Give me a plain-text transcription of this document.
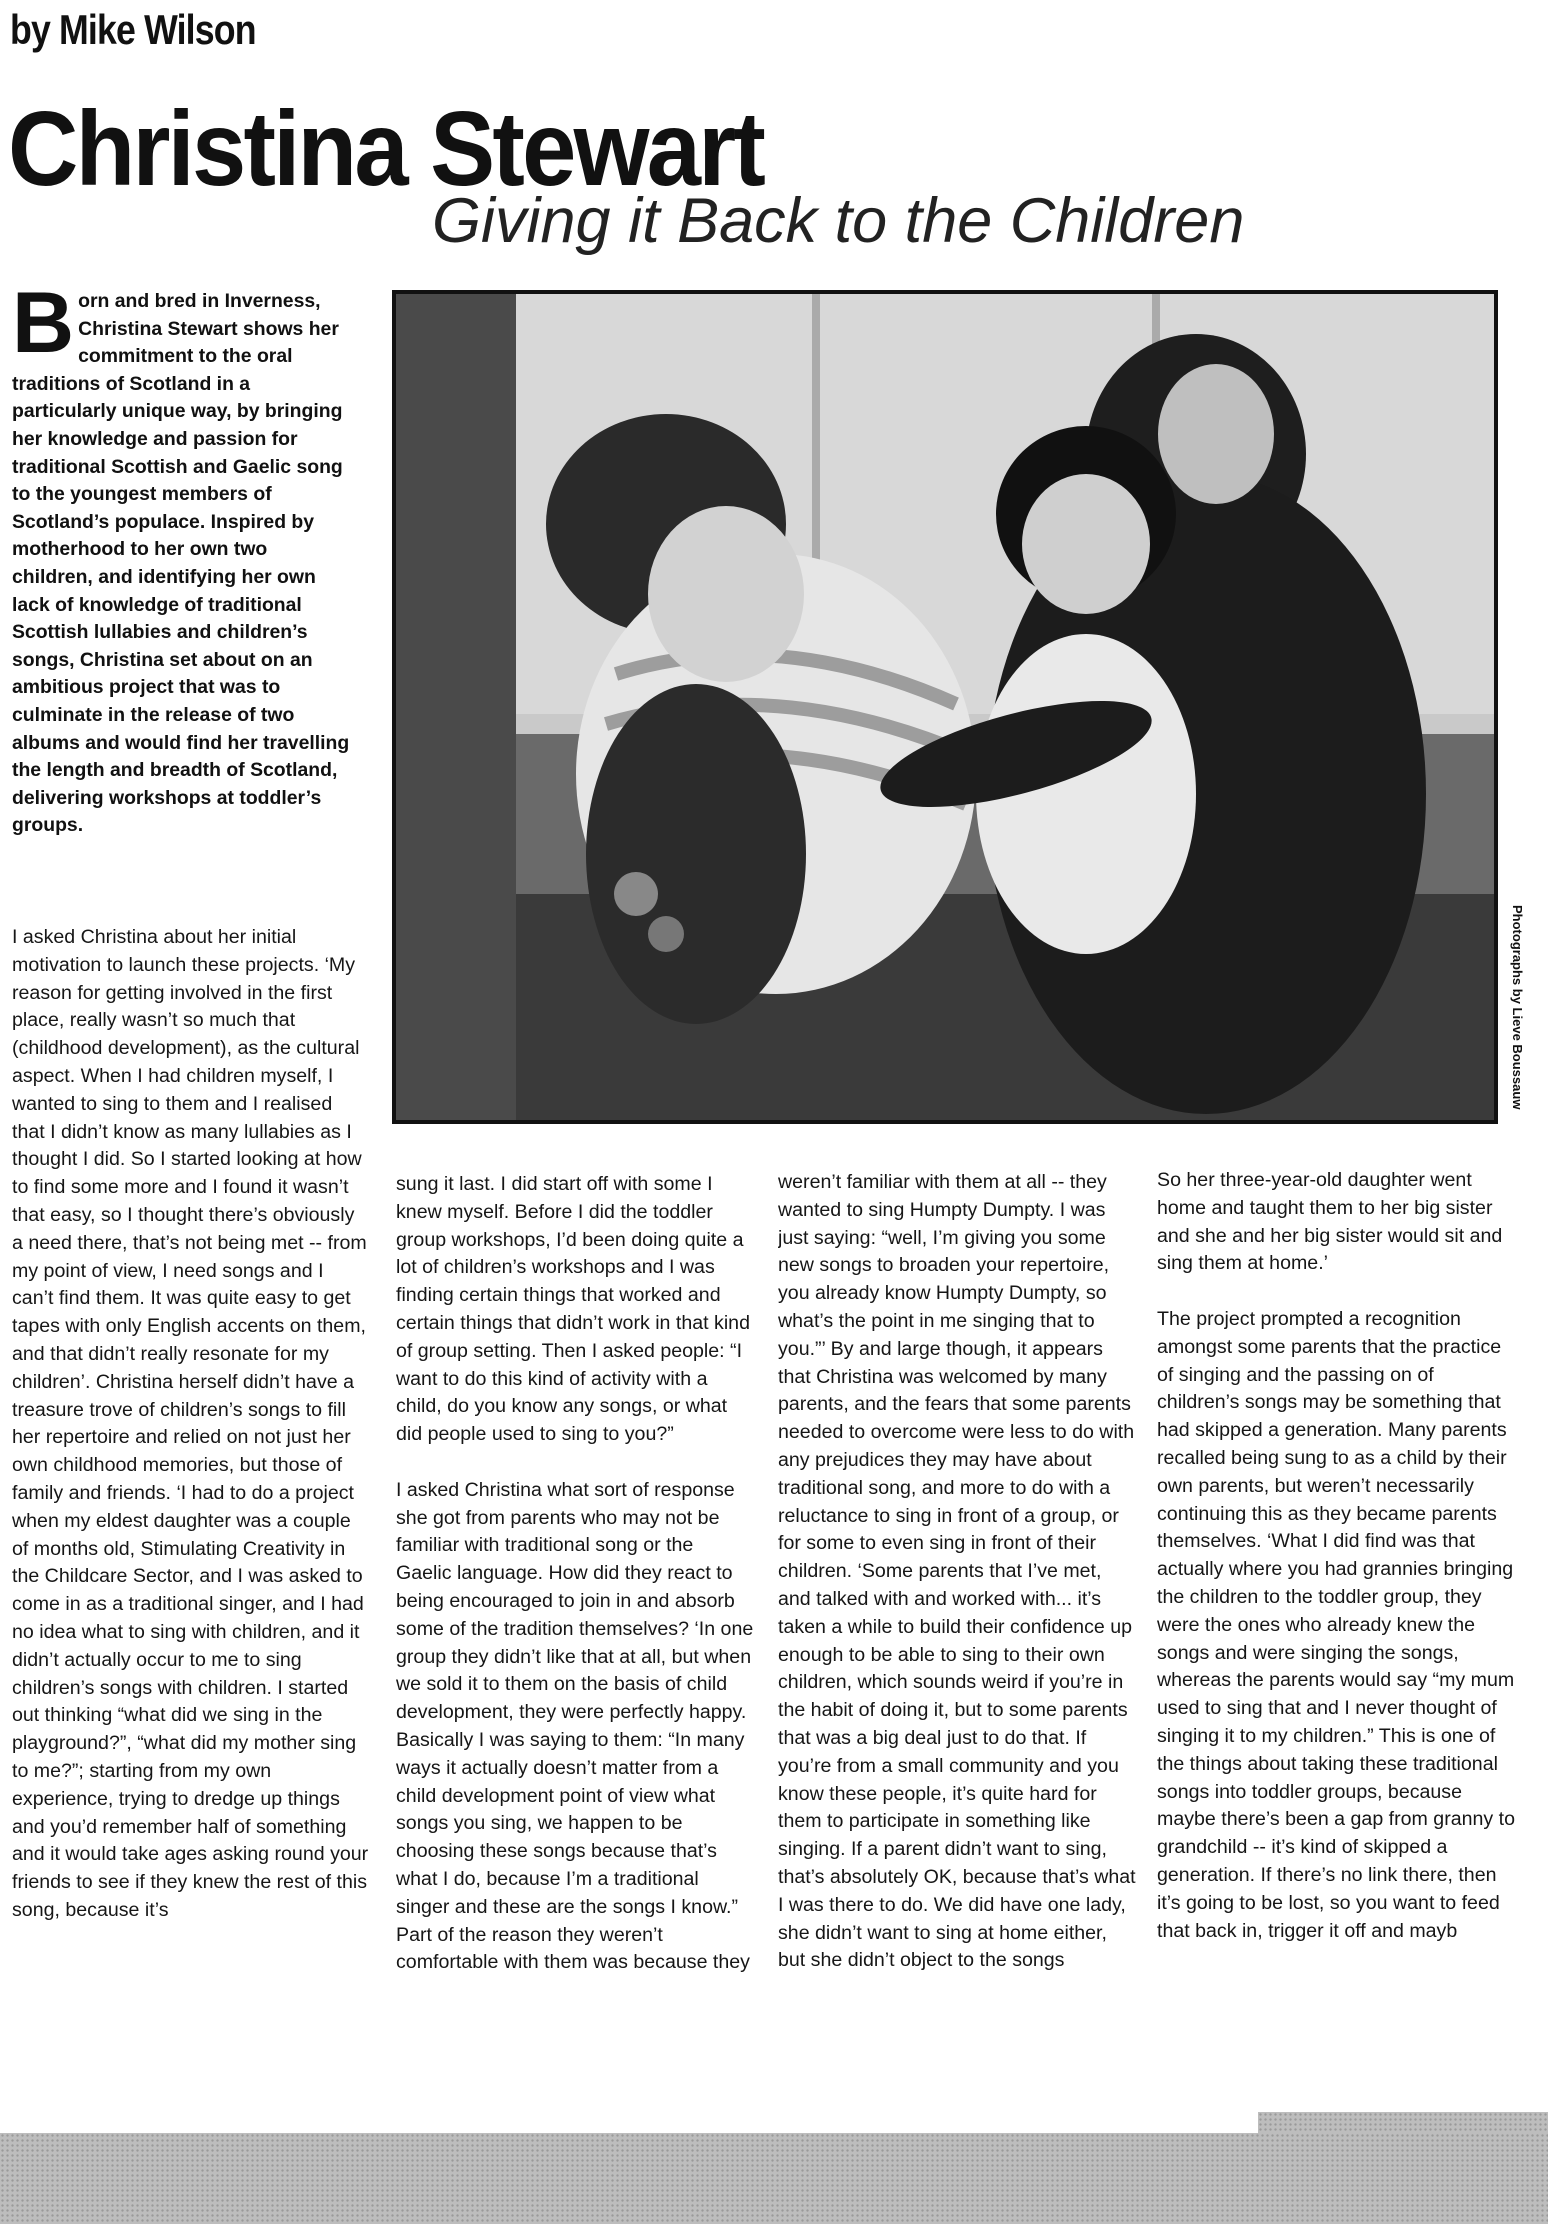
by Mike Wilson
Christina Stewart
Giving it Back to the Children
Born and bred in Inverness, Christina Stewart shows her commitment to the oral traditions of Scotland in a particularly unique way, by bringing her knowledge and passion for traditional Scottish and Gaelic song to the youngest members of Scotland’s populace. Inspired by motherhood to her own two children, and identifying her own lack of knowledge of traditional Scottish lullabies and children’s songs, Christina set about on an ambitious project that was to culminate in the release of two albums and would find her travelling the length and breadth of Scotland, delivering workshops at toddler’s groups.
Photographs by Lieve Boussauw

I asked Christina about her initial motivation to launch these projects. ‘My reason for getting involved in the first place, really wasn’t so much that (childhood development), as the cultural aspect. When I had children myself, I wanted to sing to them and I realised that I didn’t know as many lullabies as I thought I did. So I started looking at how to find some more and I found it wasn’t that easy, so I thought there’s obviously a need there, that’s not being met -- from my point of view, I need songs and I can’t find them. It was quite easy to get tapes with only English accents on them, and that didn’t really resonate for my children’. Christina herself didn’t have a treasure trove of children’s songs to fill her repertoire and relied on not just her own childhood memories, but those of family and friends. ‘I had to do a project when my eldest daughter was a couple of months old, Stimulating Creativity in the Childcare Sector, and I was asked to come in as a traditional singer, and I had no idea what to sing with children, and it didn’t actually occur to me to sing children’s songs with children. I started out thinking “what did we sing in the playground?”, “what did my mother sing to me?”; starting from my own experience, trying to dredge up things and you’d remember half of something and it would take ages asking round your friends to see if they knew the rest of this song, because it’s

sung it last. I did start off with some I knew myself. Before I did the toddler group workshops, I’d been doing quite a lot of children’s workshops and I was finding certain things that worked and certain things that didn’t work in that kind of group setting. Then I asked people: “I want to do this kind of activity with a child, do you know any songs, or what did people used to sing to you?”

I asked Christina what sort of response she got from parents who may not be familiar with traditional song or the Gaelic language. How did they react to being encouraged to join in and absorb some of the tradition themselves? ‘In one group they didn’t like that at all, but when we sold it to them on the basis of child development, they were perfectly happy. Basically I was saying to them: “In many ways it actually doesn’t matter from a child development point of view what songs you sing, we happen to be choosing these songs because that’s what I do, because I’m a traditional singer and these are the songs I know.” Part of the reason they weren’t comfortable with them was because they

weren’t familiar with them at all -- they wanted to sing Humpty Dumpty. I was just saying: “well, I’m giving you some new songs to broaden your repertoire, you already know Humpty Dumpty, so what’s the point in me singing that to you.”’ By and large though, it appears that Christina was welcomed by many parents, and the fears that some parents needed to overcome were less to do with any prejudices they may have about traditional song, and more to do with a reluctance to sing in front of a group, or for some to even sing in front of their children. ‘Some parents that I’ve met, and talked with and worked with... it’s taken a while to build their confidence up enough to be able to sing to their own children, which sounds weird if you’re in the habit of doing it, but to some parents that was a big deal just to do that. If you’re from a small community and you know these people, it’s quite hard for them to participate in something like singing. If a parent didn’t want to sing, that’s absolutely OK, because that’s what I was there to do. We did have one lady, she didn’t want to sing at home either, but she didn’t object to the songs

So her three-year-old daughter went home and taught them to her big sister and she and her big sister would sit and sing them at home.’

The project prompted a recognition amongst some parents that the practice of singing and the passing on of children’s songs may be something that had skipped a generation. Many parents recalled being sung to as a child by their own parents, but weren’t necessarily continuing this as they became parents themselves. ‘What I did find was that actually where you had grannies bringing the children to the toddler group, they were the ones who already knew the songs and were singing the songs, whereas the parents would say “my mum used to sing that and I never thought of singing it to my children.” This is one of the things about taking these traditional songs into toddler groups, because maybe there’s been a gap from granny to grandchild -- it’s kind of skipped a generation. If there’s no link there, then it’s going to be lost, so you want to feed that back in, trigger it off and mayb
